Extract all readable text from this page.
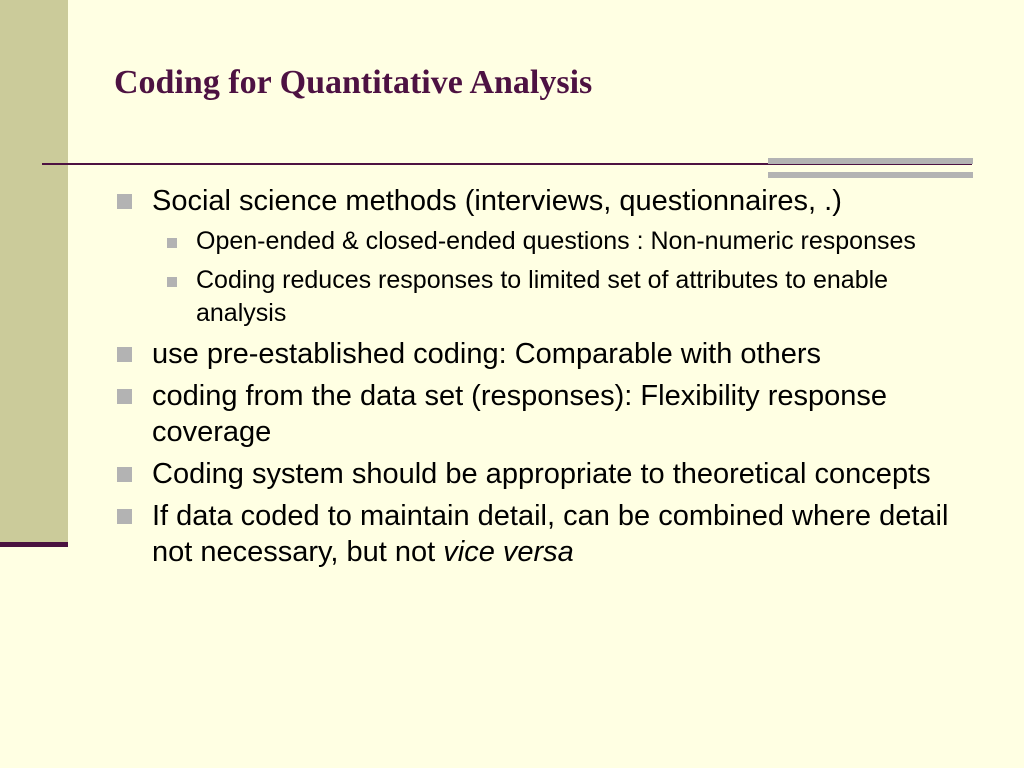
Coding for Quantitative Analysis
Social science methods (interviews, questionnaires, .)
Open-ended & closed-ended questions : Non-numeric responses
Coding reduces responses to limited set of attributes to enable analysis
use pre-established coding: Comparable with others
coding from the data set (responses): Flexibility response coverage
Coding system should be appropriate to theoretical concepts
If data coded to maintain detail, can be combined where detail not necessary, but not vice versa
